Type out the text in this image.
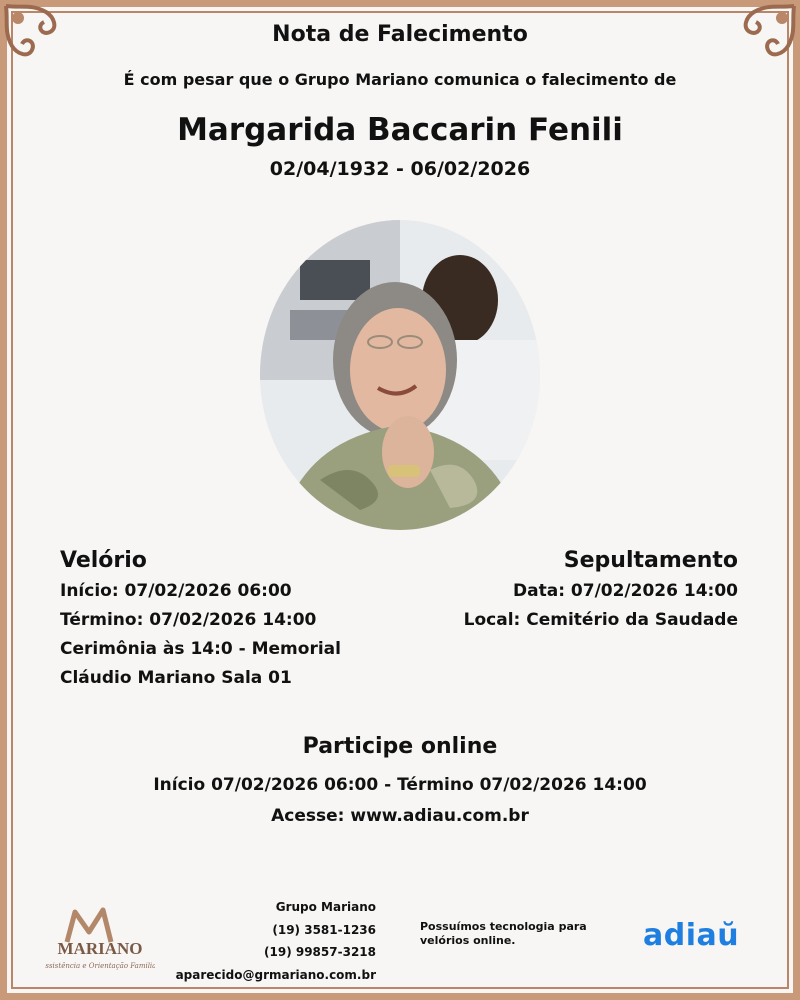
Nota de Falecimento
É com pesar que o Grupo Mariano comunica o falecimento de
Margarida Baccarin Fenili
02/04/1932 - 06/02/2026
Velório
Início: 07/02/2026 06:00
Término: 07/02/2026 14:00
Cerimônia às 14:0 - Memorial
Cláudio Mariano Sala 01
Sepultamento
Data: 07/02/2026 14:00
Local: Cemitério da Saudade
Participe online
Início 07/02/2026 06:00 - Término 07/02/2026 14:00
Acesse: www.adiau.com.br
MARIANO
Assistência e Orientação Familiar
Grupo Mariano
(19) 3581-1236
(19) 99857-3218
aparecido@grmariano.com.br
Possuímos tecnologia para velórios online.	adiaŭ
